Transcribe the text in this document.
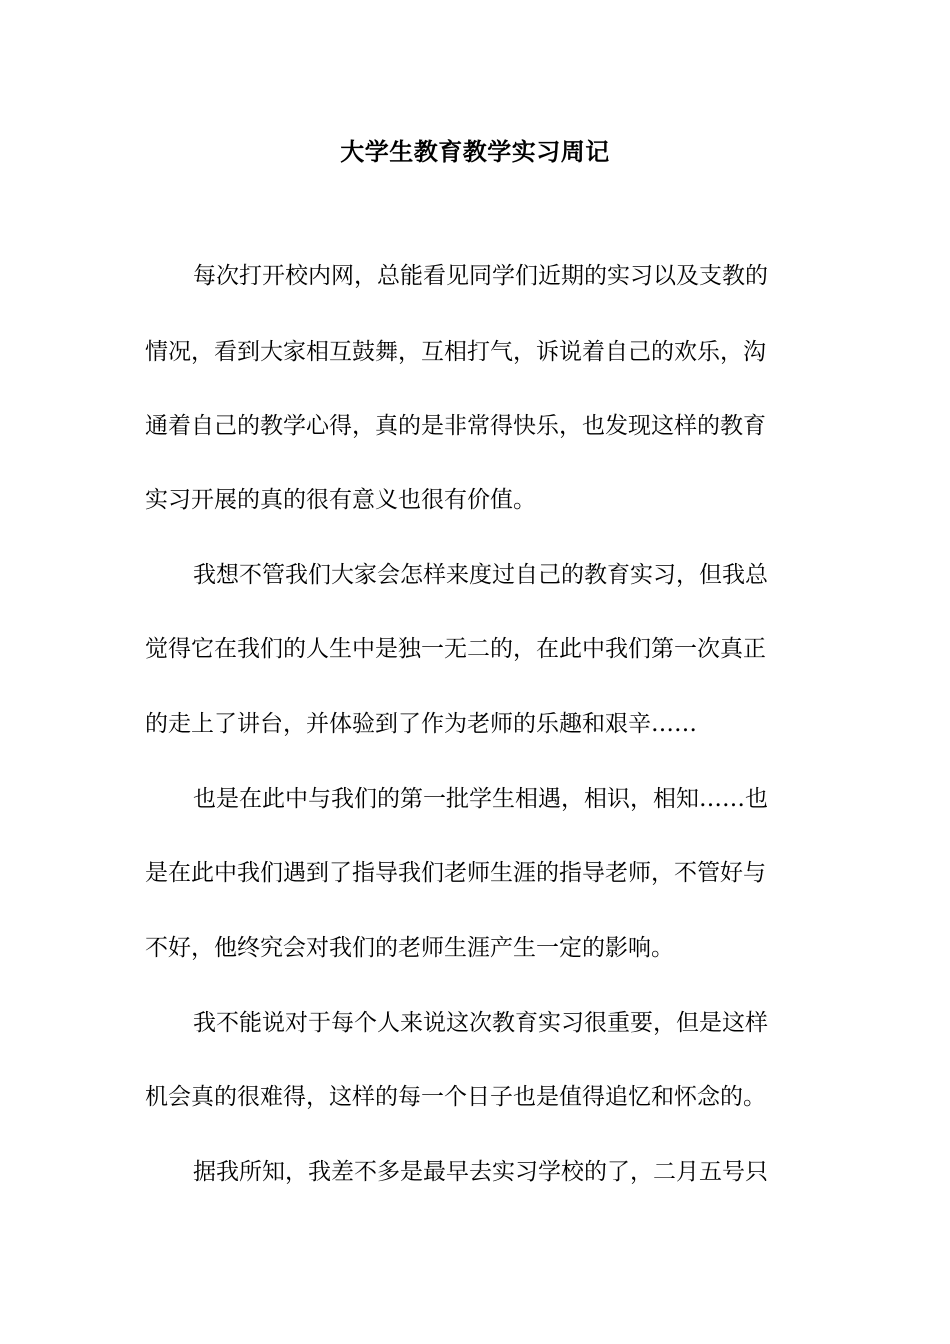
大学生教育教学实习周记

每次打开校内网，总能看见同学们近期的实习以及支教的

情况，看到大家相互鼓舞，互相打气，诉说着自己的欢乐，沟

通着自己的教学心得，真的是非常得快乐，也发现这样的教育

实习开展的真的很有意义也很有价值。

我想不管我们大家会怎样来度过自己的教育实习，但我总

觉得它在我们的人生中是独一无二的，在此中我们第一次真正

的走上了讲台，并体验到了作为老师的乐趣和艰辛……

也是在此中与我们的第一批学生相遇，相识，相知……也

是在此中我们遇到了指导我们老师生涯的指导老师，不管好与

不好，他终究会对我们的老师生涯产生一定的影响。

我不能说对于每个人来说这次教育实习很重要，但是这样

机会真的很难得，这样的每一个日子也是值得追忆和怀念的。

据我所知，我差不多是最早去实习学校的了，二月五号只
